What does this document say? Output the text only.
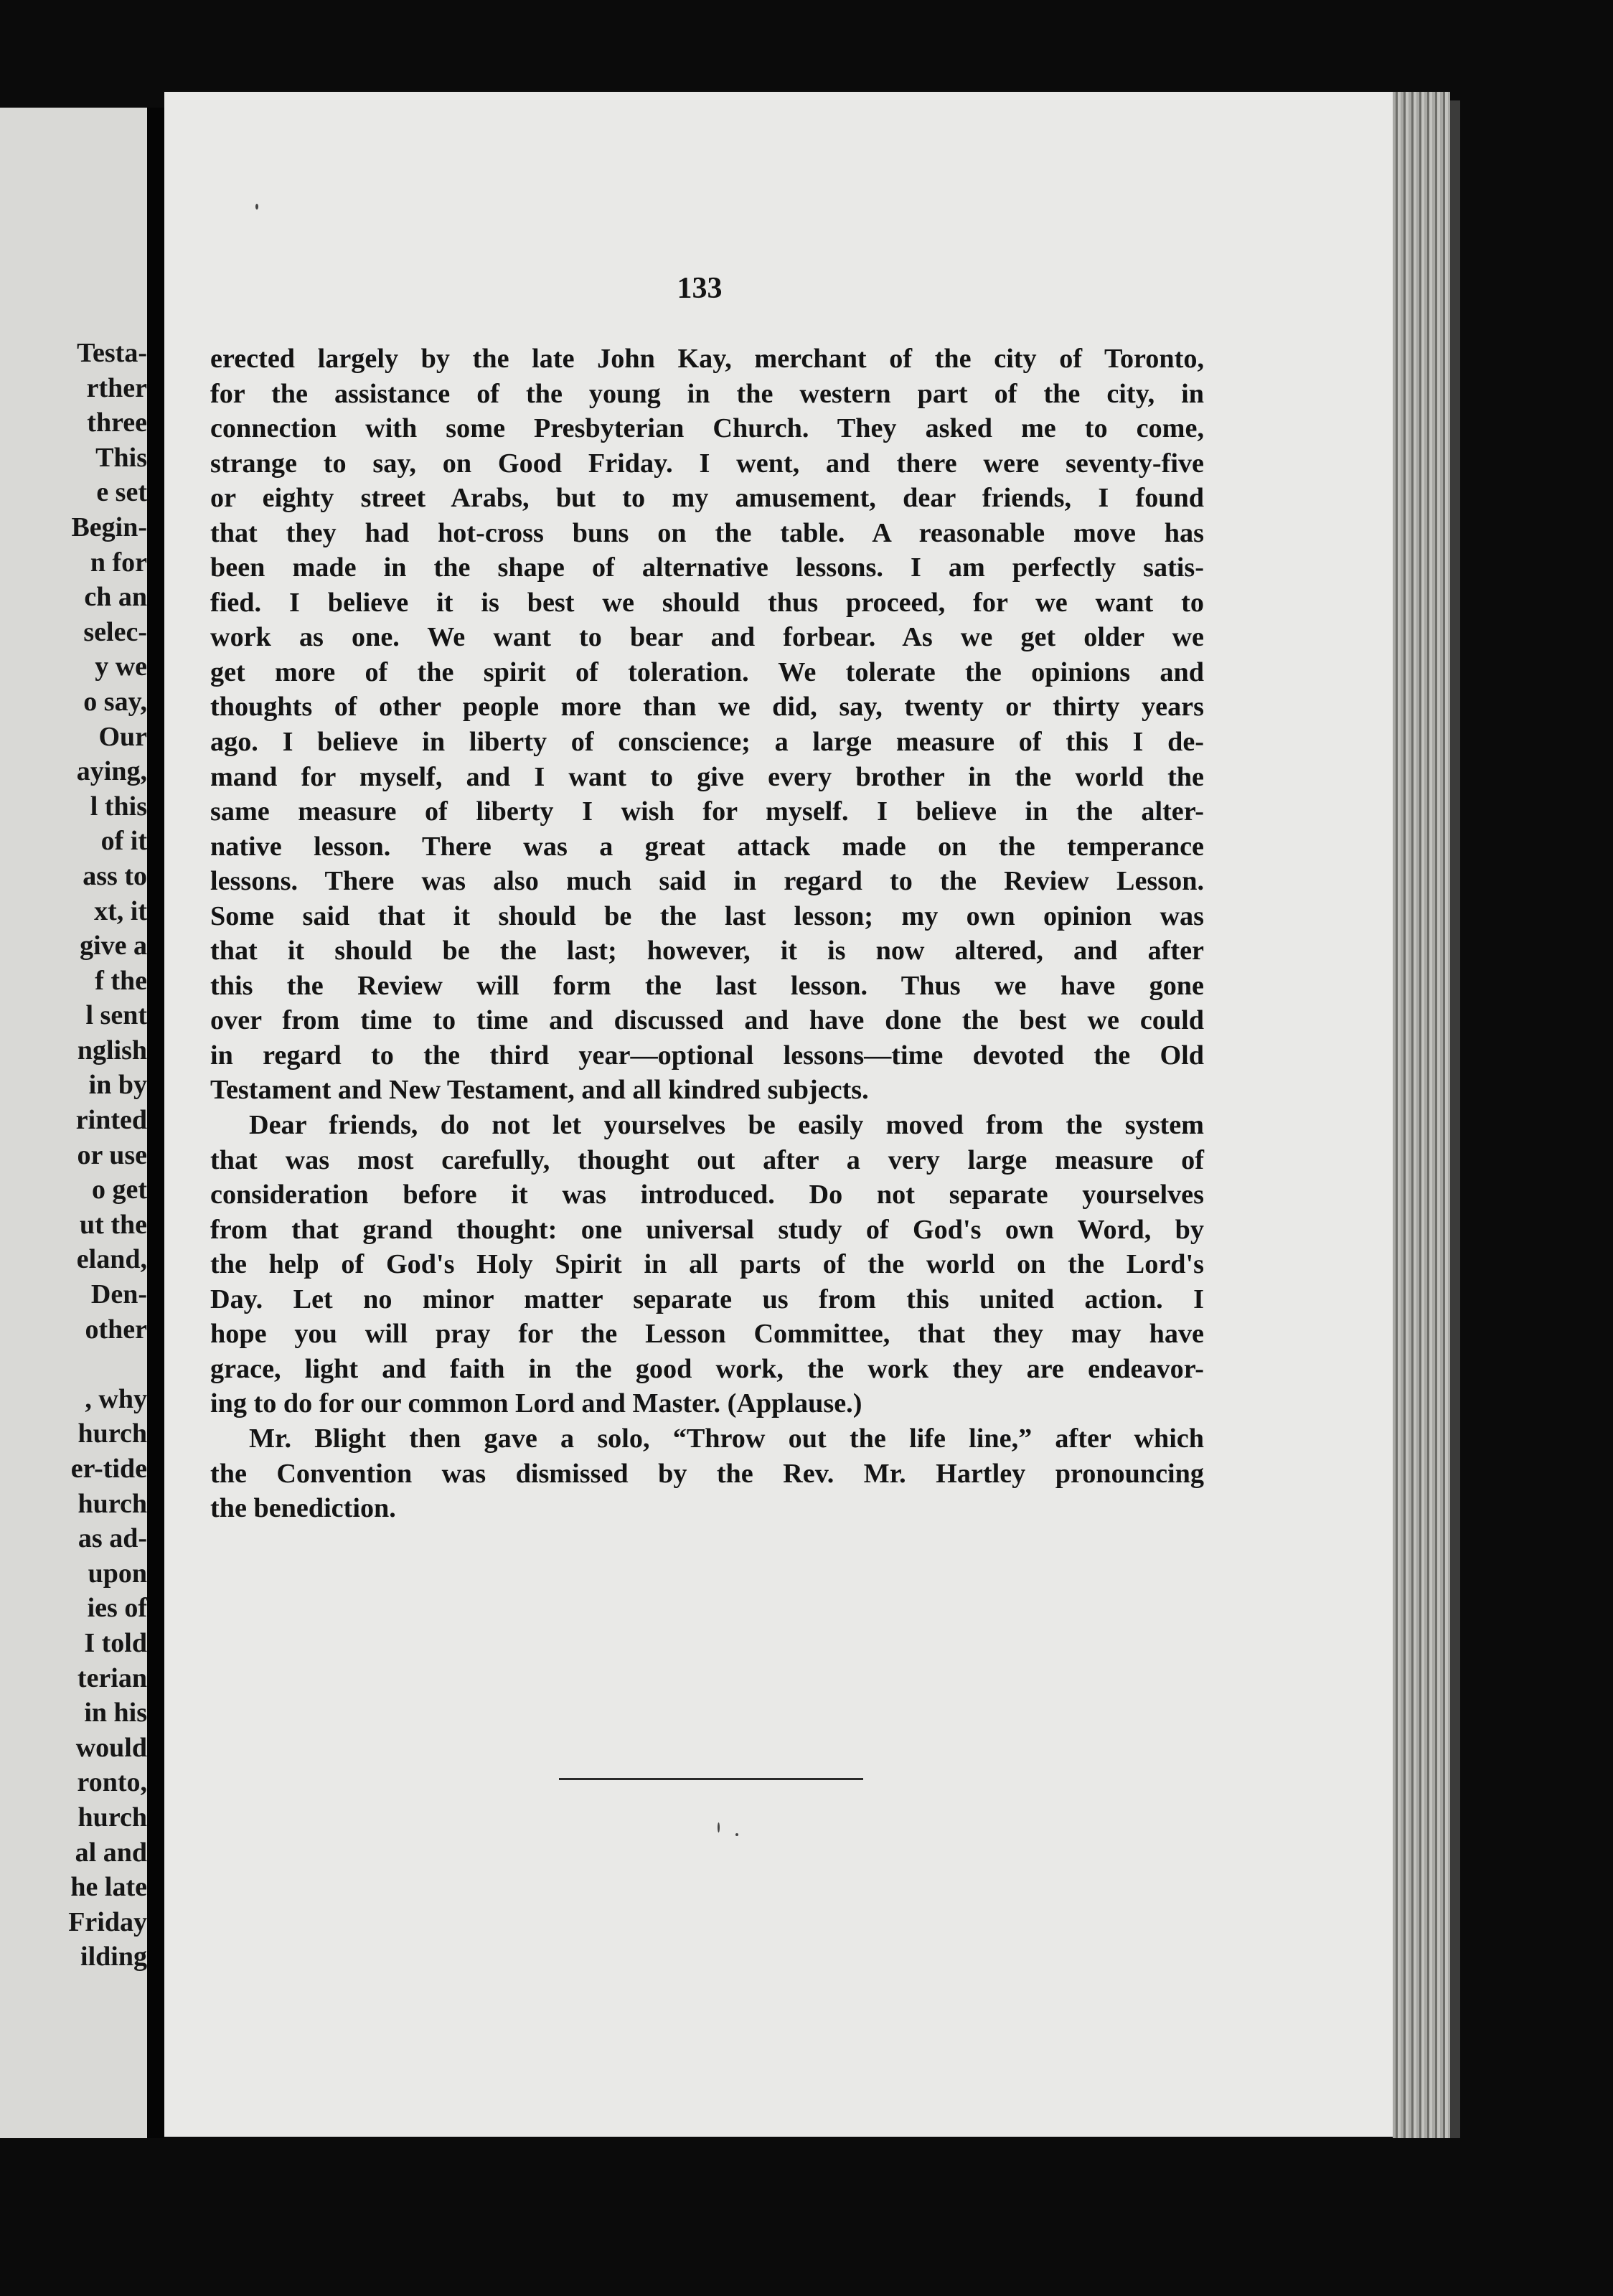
Testa-
rther
three
This
e set
Begin-
n for
ch an
selec-
y we
o say,
Our
aying,
l this
of it
ass to
xt, it
give a
f the
l sent
nglish
in by
rinted
or use
o get
ut the
eland,
Den-
other
, why
hurch
er-tide
hurch
as ad-
upon
ies of
I told
terian
in his
would
ronto,
hurch
al and
he late
Friday
ilding
133
erected largely by the late John Kay, merchant of the city of Toronto,
for the assistance of the young in the western part of the city, in
connection with some Presbyterian Church. They asked me to come,
strange to say, on Good Friday. I went, and there were seventy-five
or eighty street Arabs, but to my amusement, dear friends, I found
that they had hot-cross buns on the table. A reasonable move has
been made in the shape of alternative lessons. I am perfectly satis-
fied. I believe it is best we should thus proceed, for we want to
work as one. We want to bear and forbear. As we get older we
get more of the spirit of toleration. We tolerate the opinions and
thoughts of other people more than we did, say, twenty or thirty years
ago. I believe in liberty of conscience; a large measure of this I de-
mand for myself, and I want to give every brother in the world the
same measure of liberty I wish for myself. I believe in the alter-
native lesson. There was a great attack made on the temperance
lessons. There was also much said in regard to the Review Lesson.
Some said that it should be the last lesson; my own opinion was
that it should be the last; however, it is now altered, and after
this the Review will form the last lesson. Thus we have gone
over from time to time and discussed and have done the best we could
in regard to the third year—optional lessons—time devoted the Old
Testament and New Testament, and all kindred subjects.
Dear friends, do not let yourselves be easily moved from the system
that was most carefully, thought out after a very large measure of
consideration before it was introduced. Do not separate yourselves
from that grand thought: one universal study of God's own Word, by
the help of God's Holy Spirit in all parts of the world on the Lord's
Day. Let no minor matter separate us from this united action. I
hope you will pray for the Lesson Committee, that they may have
grace, light and faith in the good work, the work they are endeavor-
ing to do for our common Lord and Master. (Applause.)
Mr. Blight then gave a solo, “Throw out the life line,” after which
the Convention was dismissed by the Rev. Mr. Hartley pronouncing
the benediction.
